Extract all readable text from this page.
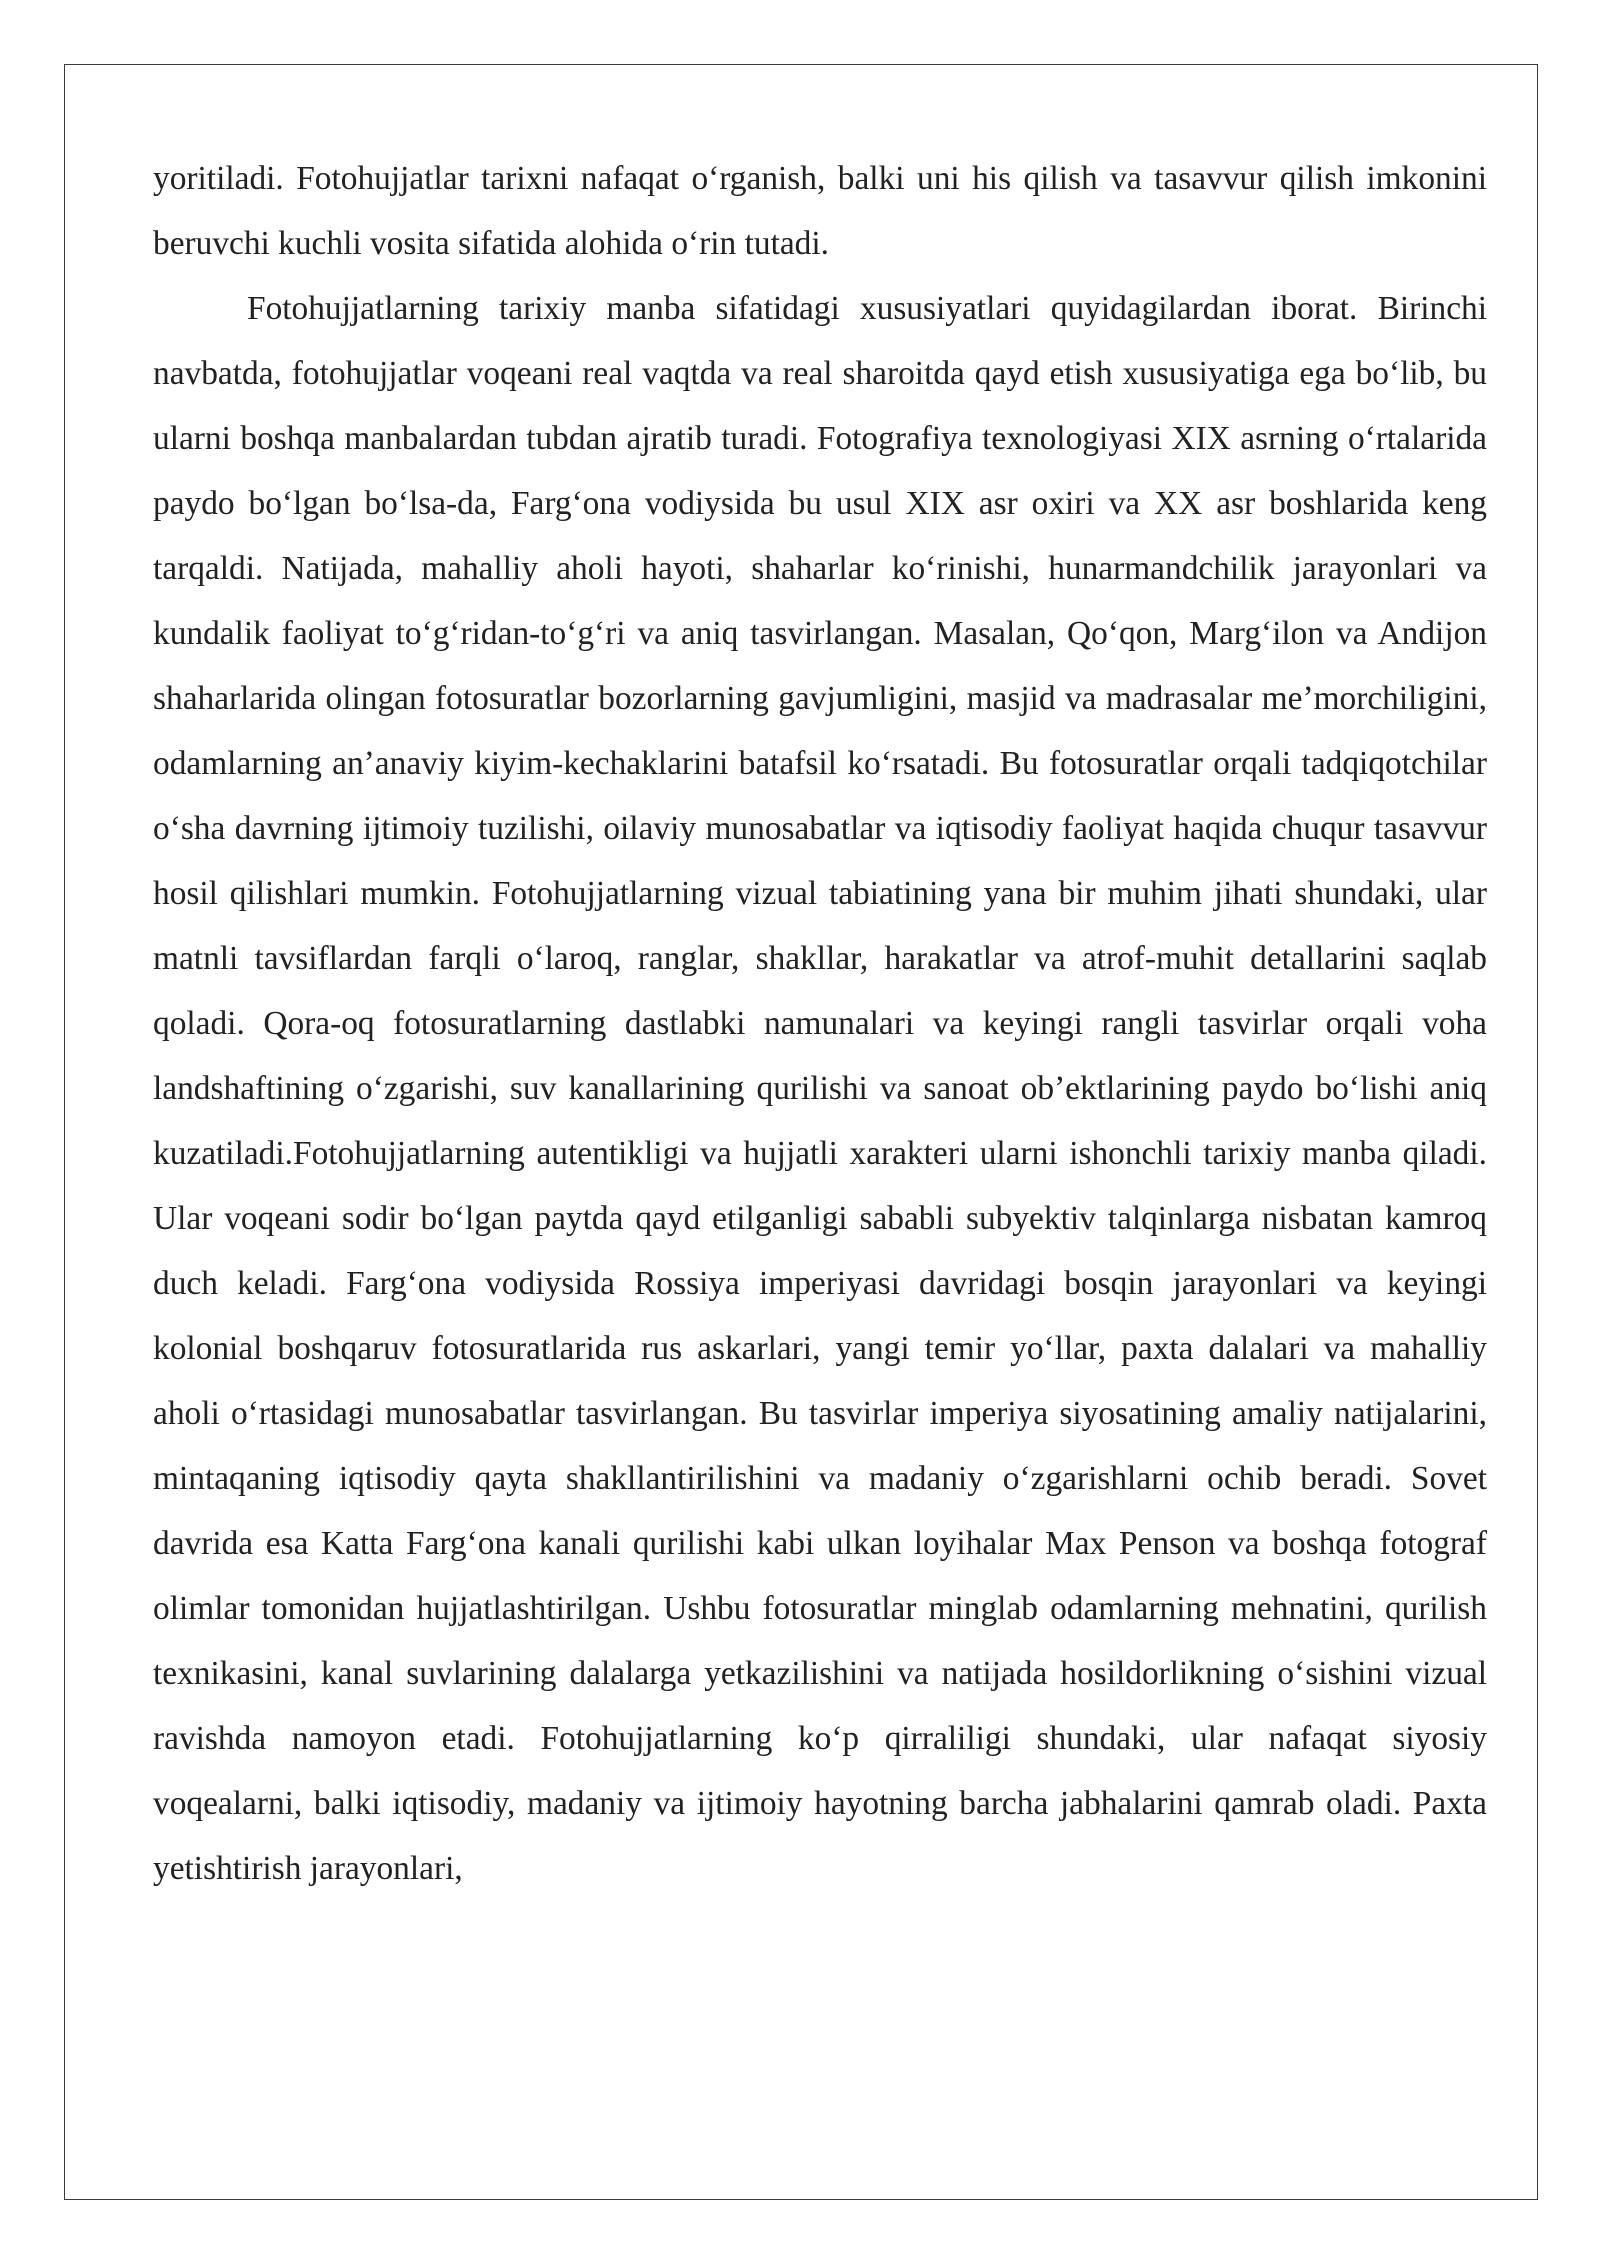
yoritiladi. Fotohujjatlar tarixni nafaqat oʻrganish, balki uni his qilish va tasavvur qilish imkonini beruvchi kuchli vosita sifatida alohida oʻrin tutadi.

Fotohujjatlarning tarixiy manba sifatidagi xususiyatlari quyidagilardan iborat. Birinchi navbatda, fotohujjatlar voqeani real vaqtda va real sharoitda qayd etish xususiyatiga ega boʻlib, bu ularni boshqa manbalardan tubdan ajratib turadi. Fotografiya texnologiyasi XIX asrning oʻrtalarida paydo boʻlgan boʻlsa-da, Fargʻona vodiysida bu usul XIX asr oxiri va XX asr boshlarida keng tarqaldi. Natijada, mahalliy aholi hayoti, shaharlar koʻrinishi, hunarmandchilik jarayonlari va kundalik faoliyat toʻgʻridan-toʻgʻri va aniq tasvirlangan. Masalan, Qoʻqon, Margʻilon va Andijon shaharlarida olingan fotosuratlar bozorlarning gavjumligini, masjid va madrasalar meʼmorchiligini, odamlarning anʼanaviy kiyim-kechaklarini batafsil koʻrsatadi. Bu fotosuratlar orqali tadqiqotchilar oʻsha davrning ijtimoiy tuzilishi, oilaviy munosabatlar va iqtisodiy faoliyat haqida chuqur tasavvur hosil qilishlari mumkin. Fotohujjatlarning vizual tabiatining yana bir muhim jihati shundaki, ular matnli tavsiflardan farqli oʻlaroq, ranglar, shakllar, harakatlar va atrof-muhit detallarini saqlab qoladi. Qora-oq fotosuratlarning dastlabki namunalari va keyingi rangli tasvirlar orqali voha landshaftining oʻzgarishi, suv kanallarining qurilishi va sanoat obʼektlarining paydo boʻlishi aniq kuzatiladi.Fotohujjatlarning autentikligi va hujjatli xarakteri ularni ishonchli tarixiy manba qiladi. Ular voqeani sodir boʻlgan paytda qayd etilganligi sababli subyektiv talqinlarga nisbatan kamroq duch keladi. Fargʻona vodiysida Rossiya imperiyasi davridagi bosqin jarayonlari va keyingi kolonial boshqaruv fotosuratlarida rus askarlari, yangi temir yoʻllar, paxta dalalari va mahalliy aholi oʻrtasidagi munosabatlar tasvirlangan. Bu tasvirlar imperiya siyosatining amaliy natijalarini, mintaqaning iqtisodiy qayta shakllantirilishini va madaniy oʻzgarishlarni ochib beradi. Sovet davrida esa Katta Fargʻona kanali qurilishi kabi ulkan loyihalar Max Penson va boshqa fotograf olimlar tomonidan hujjatlashtirilgan. Ushbu fotosuratlar minglab odamlarning mehnatini, qurilish texnikasini, kanal suvlarining dalalarga yetkazilishini va natijada hosildorlikning oʻsishini vizual ravishda namoyon etadi. Fotohujjatlarning koʻp qirraliligi shundaki, ular nafaqat siyosiy voqealarni, balki iqtisodiy, madaniy va ijtimoiy hayotning barcha jabhalarini qamrab oladi. Paxta yetishtirish jarayonlari,
